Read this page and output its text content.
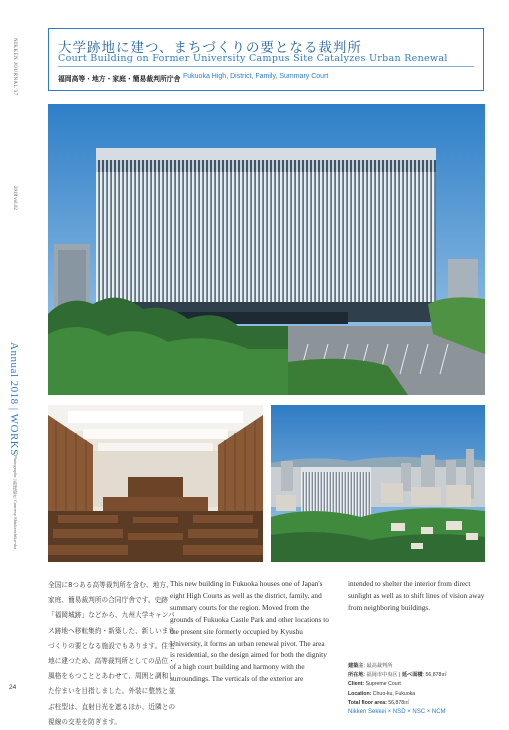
NIKKEN JOURNAL 37
2018 vol.02
Annual 2018 | WORKS
Photographs | 新建築社 Courtesy Shinkenchiku-sha
24
大学跡地に建つ、まちづくりの要となる裁判所
Court Building on Former University Campus Site Catalyzes Urban Renewal
福岡高等・地方・家庭・簡易裁判所庁舎 Fukuoka High, District, Family, Summary Court
全国に8つある高等裁判所を含む、地方、家庭、簡易裁判所の合同庁舎です。史跡「福岡城跡」などから、九州大学キャンパス跡地へ移転集約・新築した、新しいまちづくりの要となる施設でもあります。住宅地に建つため、高等裁判所としての品位・風格をもつこととあわせて、周囲と調和した佇まいを目指しました。外装に整然と並ぶ柱型は、直射日光を遮るほか、近隣との視線の交差を防ぎます。
This new building in Fukuoka houses one of Japan's eight High Courts as well as the district, family, and summary courts for the region. Moved from the grounds of Fukuoka Castle Park and other locations to the present site formerly occupied by Kyushu University, it forms an urban renewal pivot. The area is residential, so the design aimed for both the dignity of a high court building and harmony with the surroundings. The verticals of the exterior are
intended to shelter the interior from direct sunlight as well as to shift lines of vision away from neighboring buildings.
建築主: 最高裁判所
所在地: 福岡市中央区 | 延べ面積: 56,878㎡
Client: Supreme Court
Location: Chuo-ku, Fukuoka
Total floor area: 56,878㎡
Nikken Sekkei × NSD × NSC × NCM
